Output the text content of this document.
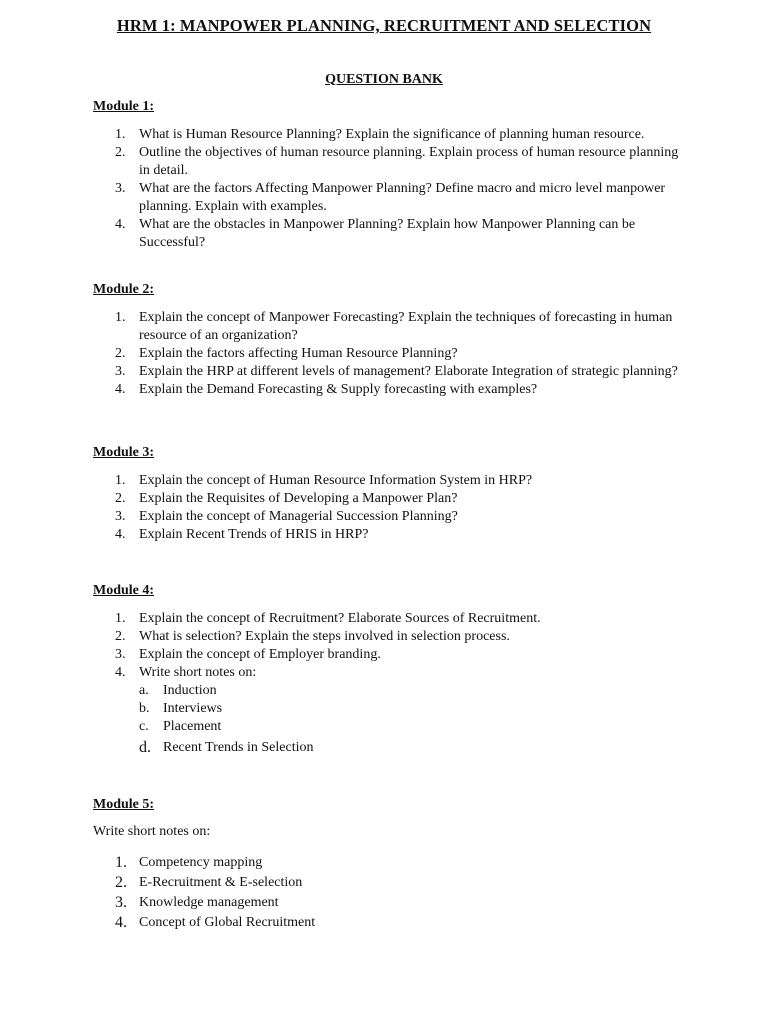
HRM 1: MANPOWER PLANNING, RECRUITMENT AND SELECTION
QUESTION BANK
Module 1:
1. What is Human Resource Planning? Explain the significance of planning human resource.
2. Outline the objectives of human resource planning. Explain process of human resource planning in detail.
3. What are the factors Affecting Manpower Planning? Define macro and micro level manpower planning. Explain with examples.
4. What are the obstacles in Manpower Planning? Explain how Manpower Planning can be Successful?
Module 2:
1. Explain the concept of Manpower Forecasting? Explain the techniques of forecasting in human resource of an organization?
2. Explain the factors affecting Human Resource Planning?
3. Explain the HRP at different levels of management? Elaborate Integration of strategic planning?
4. Explain the Demand Forecasting & Supply forecasting with examples?
Module 3:
1. Explain the concept of Human Resource Information System in HRP?
2. Explain the Requisites of Developing a Manpower Plan?
3. Explain the concept of Managerial Succession Planning?
4. Explain Recent Trends of HRIS in HRP?
Module 4:
1. Explain the concept of Recruitment? Elaborate Sources of Recruitment.
2. What is selection? Explain the steps involved in selection process.
3. Explain the concept of Employer branding.
4. Write short notes on:
a.	Induction
b. Interviews
c.	Placement
d. Recent Trends in Selection
Module 5:
Write short notes on:
1. Competency mapping
2. E-Recruitment & E-selection
3. Knowledge management
4. Concept of Global Recruitment
